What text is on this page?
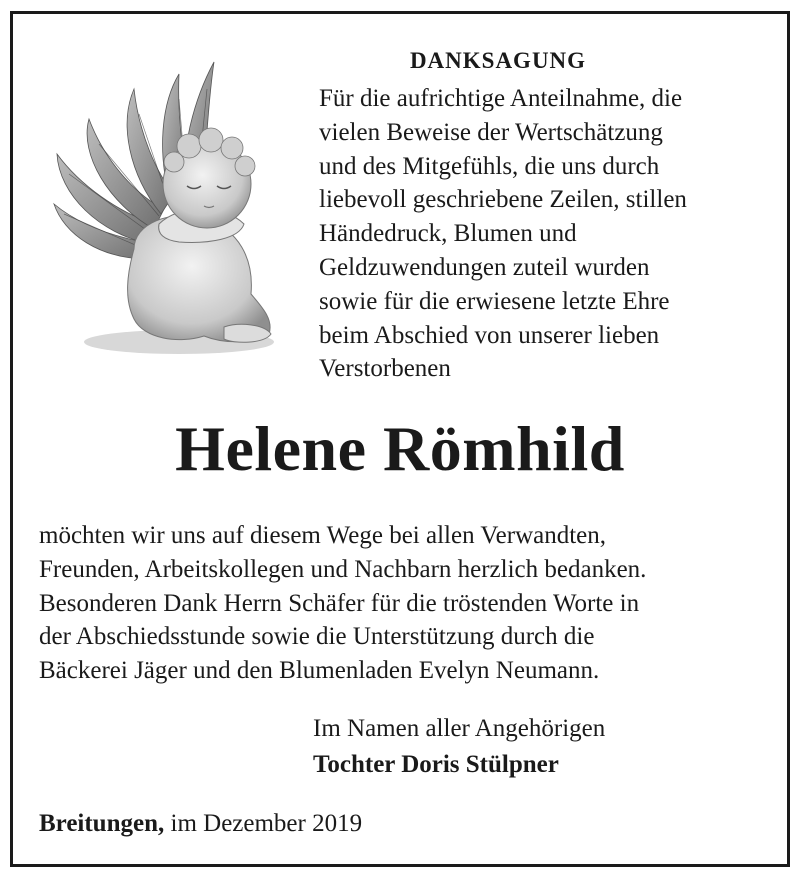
DANKSAGUNG
Für die aufrichtige Anteilnahme, die
vielen Beweise der Wertschätzung
und des Mitgefühls, die uns durch
liebevoll geschriebene Zeilen, stillen
Händedruck, Blumen und
Geldzuwendungen zuteil wurden
sowie für die erwiesene letzte Ehre
beim Abschied von unserer lieben
Verstorbenen
Helene Römhild
möchten wir uns auf diesem Wege bei allen Verwandten,
Freunden, Arbeitskollegen und Nachbarn herzlich bedanken.
Besonderen Dank Herrn Schäfer für die tröstenden Worte in
der Abschiedsstunde sowie die Unterstützung durch die
Bäckerei Jäger und den Blumenladen Evelyn Neumann.
Im Namen aller Angehörigen
Tochter Doris Stülpner
Breitungen, im Dezember 2019
